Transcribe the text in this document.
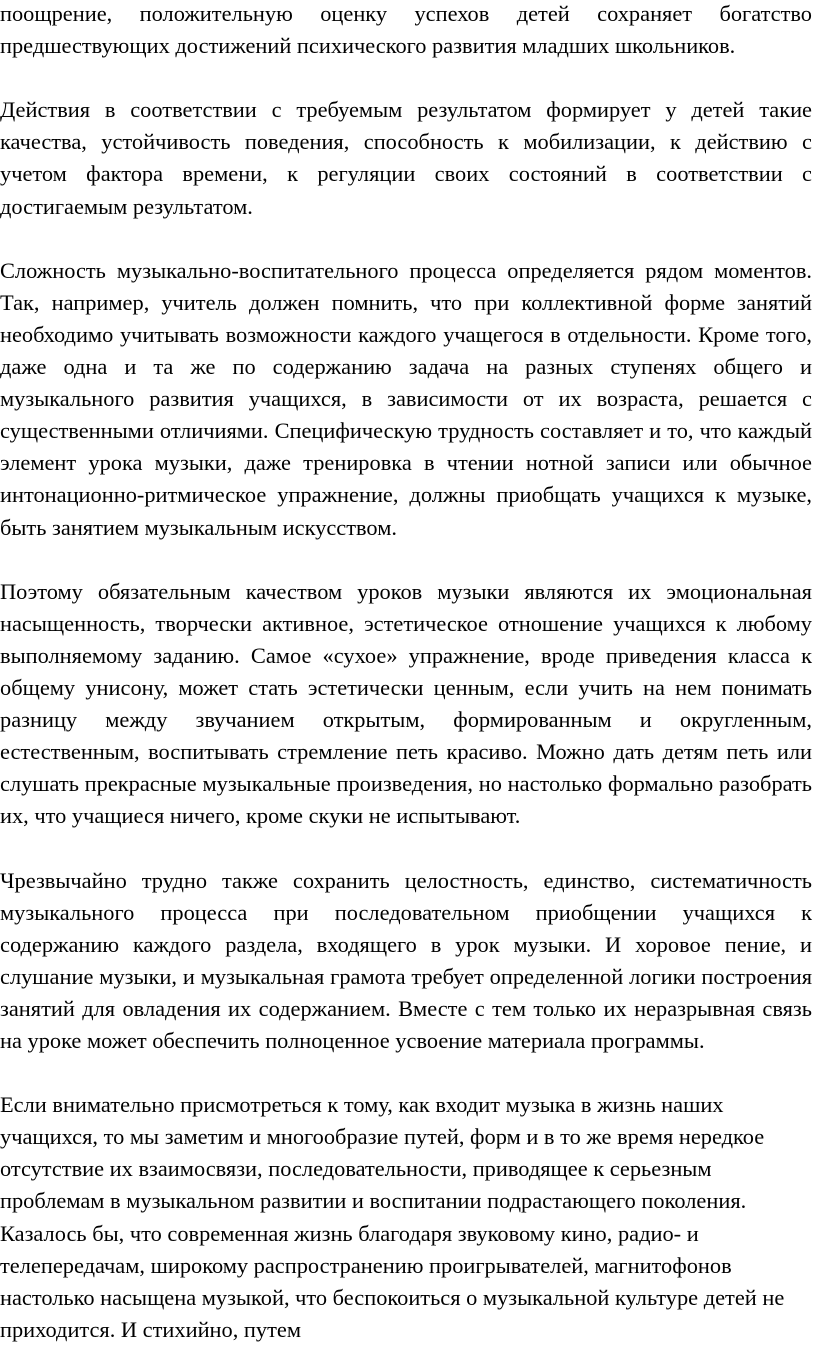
поощрение, положительную оценку успехов детей сохраняет богатство предшествующих достижений психического развития младших школьников.

Действия в соответствии с требуемым результатом формирует у детей такие качества, устойчивость поведения, способность к мобилизации, к действию с учетом фактора времени, к регуляции своих состояний в соответствии с достигаемым результатом.

Сложность музыкально-воспитательного процесса определяется рядом моментов. Так, например, учитель должен помнить, что при коллективной форме занятий необходимо учитывать возможности каждого учащегося в отдельности. Кроме того, даже одна и та же по содержанию задача на разных ступенях общего и музыкального развития учащихся, в зависимости от их возраста, решается с существенными отличиями. Специфическую трудность составляет и то, что каждый элемент урока музыки, даже тренировка в чтении нотной записи или обычное интонационно-ритмическое упражнение, должны приобщать учащихся к музыке, быть занятием музыкальным искусством.

Поэтому обязательным качеством уроков музыки являются их эмоциональная насыщенность, творчески активное, эстетическое отношение учащихся к любому выполняемому заданию. Самое «сухое» упражнение, вроде приведения класса к общему унисону, может стать эстетически ценным, если учить на нем понимать разницу между звучанием открытым, формированным и округленным, естественным, воспитывать стремление петь красиво. Можно дать детям петь или слушать прекрасные музыкальные произведения, но настолько формально разобрать их, что учащиеся ничего, кроме скуки не испытывают.

Чрезвычайно трудно также сохранить целостность, единство, систематичность музыкального процесса при последовательном приобщении учащихся к содержанию каждого раздела, входящего в урок музыки. И хоровое пение, и слушание музыки, и музыкальная грамота требует определенной логики построения занятий для овладения их содержанием. Вместе с тем только их неразрывная связь на уроке может обеспечить полноценное усвоение материала программы.

Если внимательно присмотреться к тому, как входит музыка в жизнь наших учащихся, то мы заметим и многообразие путей, форм и в то же время нередкое отсутствие их взаимосвязи, последовательности, приводящее к серьезным проблемам в музыкальном развитии и воспитании подрастающего поколения. Казалось бы, что современная жизнь благодаря звуковому кино, радио- и телепередачам, широкому распространению проигрывателей, магнитофонов настолько насыщена музыкой, что беспокоиться о музыкальной культуре детей не приходится. И стихийно, путем
